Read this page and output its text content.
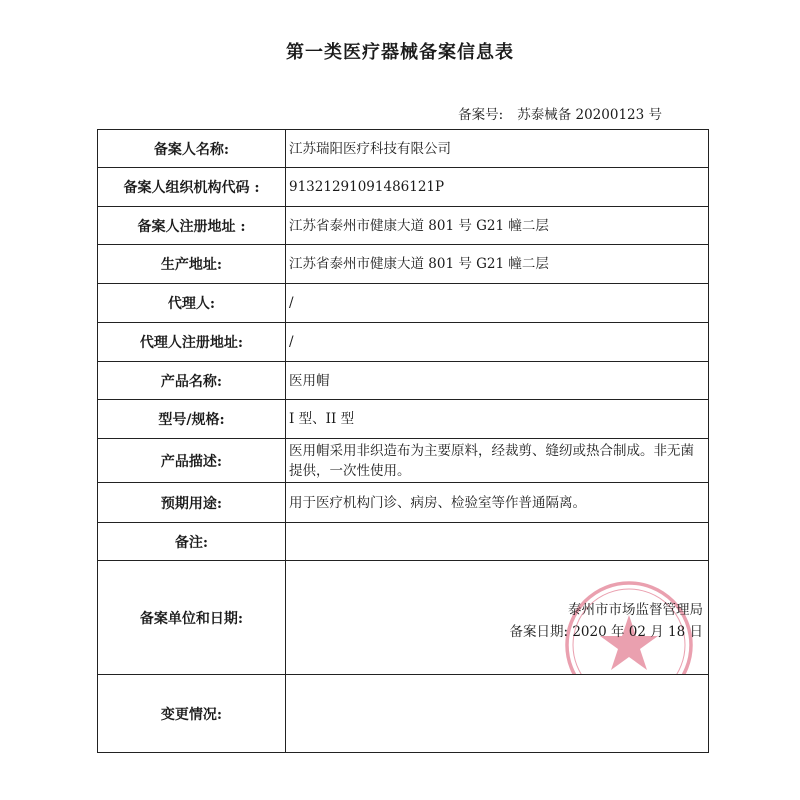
第一类医疗器械备案信息表
备案号: 苏泰械备 20200123 号
备案人名称:	江苏瑞阳医疗科技有限公司
备案人组织机构代码 :	91321291091486121P
备案人注册地址 :	江苏省泰州市健康大道 801 号 G21 幢二层
生产地址:	江苏省泰州市健康大道 801 号 G21 幢二层
代理人:	/
代理人注册地址:	/
产品名称:	医用帽
型号/规格:	I 型、II 型
产品描述:	医用帽采用非织造布为主要原料，经裁剪、缝纫或热合制成。非无菌提供，一次性使用。
预期用途:	用于医疗机构门诊、病房、检验室等作普通隔离。
备注:	
备案单位和日期:	泰州市市场监督管理局
备案日期: 2020 年 02 月 18 日

变更情况:	
